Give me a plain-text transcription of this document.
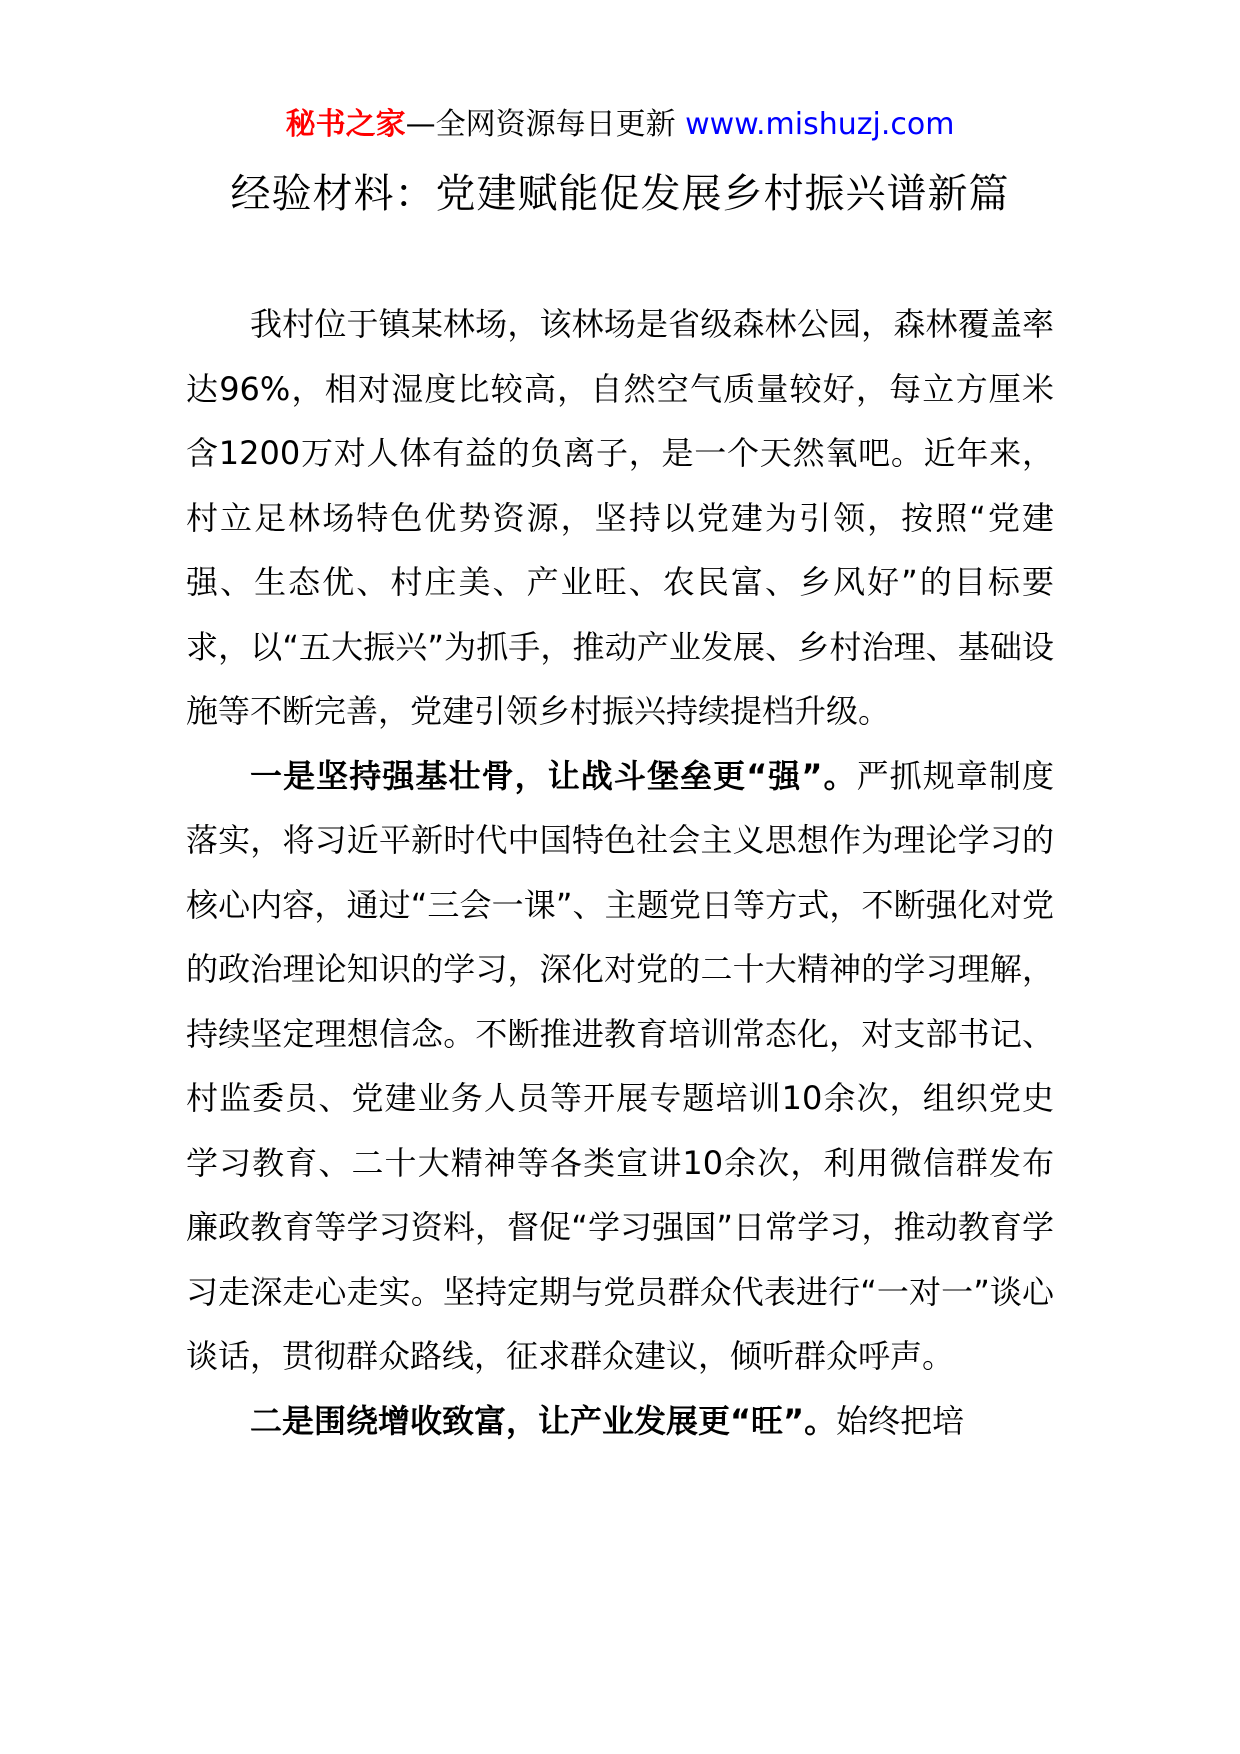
秘书之家—全网资源每日更新 www.mishuzj.com
经验材料：党建赋能促发展乡村振兴谱新篇

我村位于镇某林场，该林场是省级森林公园，森林覆盖率达96%，相对湿度比较高，自然空气质量较好，每立方厘米含1200万对人体有益的负离子，是一个天然氧吧。近年来，村立足林场特色优势资源，坚持以党建为引领，按照“党建强、生态优、村庄美、产业旺、农民富、乡风好”的目标要求，以“五大振兴”为抓手，推动产业发展、乡村治理、基础设施等不断完善，党建引领乡村振兴持续提档升级。

一是坚持强基壮骨，让战斗堡垒更“强”。严抓规章制度落实，将习近平新时代中国特色社会主义思想作为理论学习的核心内容，通过“三会一课”、主题党日等方式，不断强化对党的政治理论知识的学习，深化对党的二十大精神的学习理解，持续坚定理想信念。不断推进教育培训常态化，对支部书记、村监委员、党建业务人员等开展专题培训10余次，组织党史学习教育、二十大精神等各类宣讲10余次，利用微信群发布廉政教育等学习资料，督促“学习强国”日常学习，推动教育学习走深走心走实。坚持定期与党员群众代表进行“一对一”谈心谈话，贯彻群众路线，征求群众建议，倾听群众呼声。

二是围绕增收致富，让产业发展更“旺”。始终把培
